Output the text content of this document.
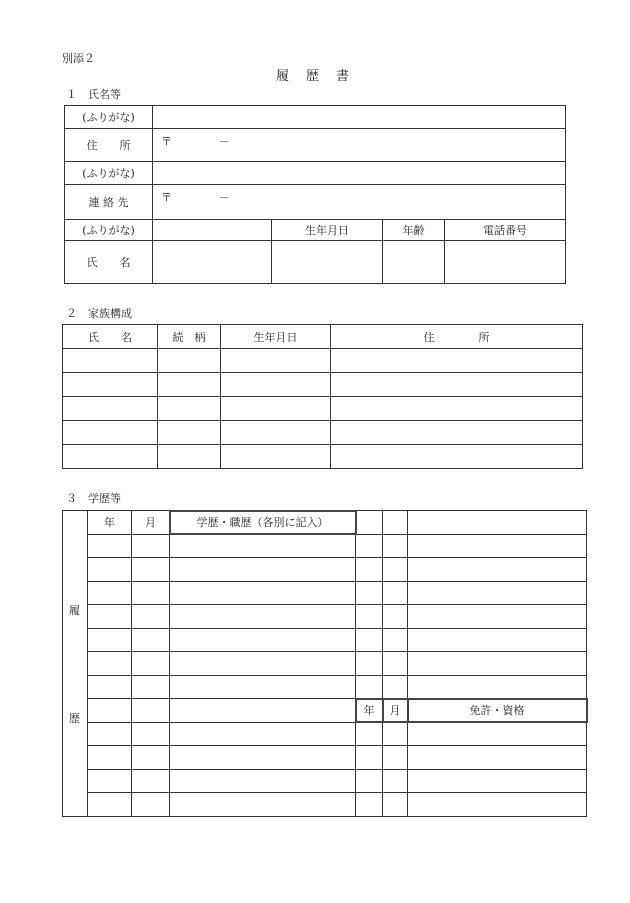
別添２
履　歴　書
１　氏名等
(ふりがな)				
住　　所	〒 －			
(ふりがな)				
連 絡 先	〒 －			
(ふりがな)		生年月日	年齢	電話番号
氏　　名				
２　家族構成
氏　　名	続　柄	生年月日	住　　　　所

３　学歴等
履
歴	年	月	学歴・職歴（各別に記入）			

				年	月	免許・資格
